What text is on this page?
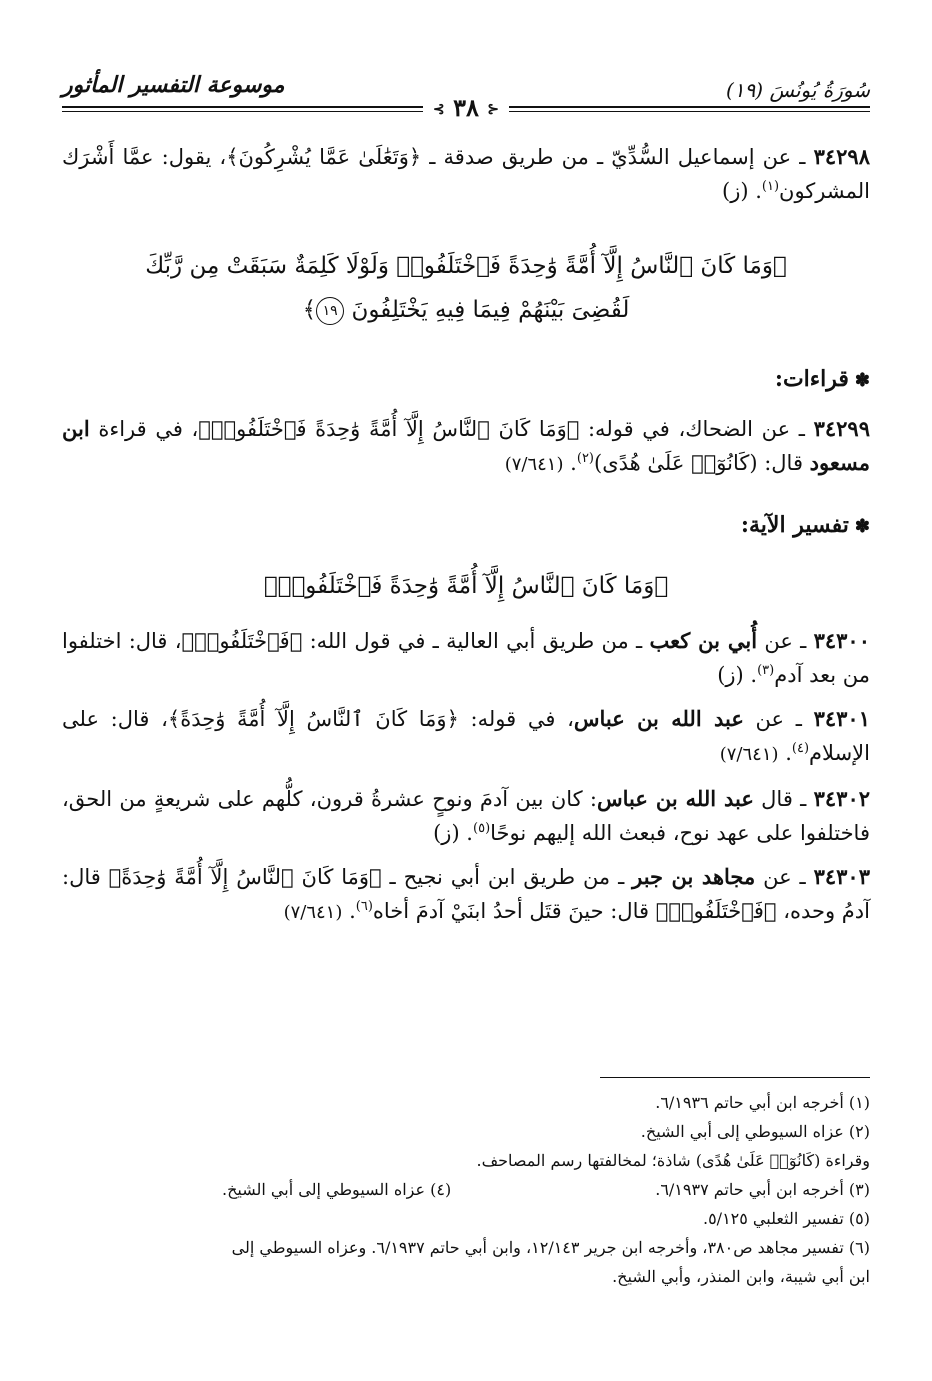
سُورَةُ يُونُسَ (١٩)
موسوعة التفسير المأثور
⊰ ٣٨ ⊱

٣٤٢٩٨ ـ عن إسماعيل السُّدِّيّ ـ من طريق صدقة ـ ﴿وَتَعَٰلَىٰ عَمَّا يُشْرِكُونَ﴾، يقول: عمَّا أَشْرَك المشركون$^{(١)}$. (ز)

﴿وَمَا كَانَ ٱلنَّاسُ إِلَّآ أُمَّةً وَٰحِدَةً فَٱخْتَلَفُوا۟ وَلَوْلَا كَلِمَةٌ سَبَقَتْ مِن رَّبِّكَ
لَقُضِىَ بَيْنَهُمْ فِيمَا فِيهِ يَخْتَلِفُونَ ١٩﴾
✽قراءات:

٣٤٢٩٩ ـ عن الضحاك، في قوله: ﴿وَمَا كَانَ ٱلنَّاسُ إِلَّآ أُمَّةً وَٰحِدَةً فَٱخْتَلَفُوا۟﴾، في قراءة ابن مسعود قال: (كَانُوٓا۟ عَلَىٰ هُدًى)$^{(٢)}$. (٧/٦٤١)

✽تفسير الآية:
﴿وَمَا كَانَ ٱلنَّاسُ إِلَّآ أُمَّةً وَٰحِدَةً فَٱخْتَلَفُوا۟﴾

٣٤٣٠٠ ـ عن أُبي بن كعب ـ من طريق أبي العالية ـ في قول الله: ﴿فَٱخْتَلَفُوا۟﴾، قال: اختلفوا من بعد آدم$^{(٣)}$. (ز)

٣٤٣٠١ ـ عن عبد الله بن عباس، في قوله: ﴿وَمَا كَانَ ٱلنَّاسُ إِلَّآ أُمَّةً وَٰحِدَةً﴾، قال: على الإسلام$^{(٤)}$. (٧/٦٤١)

٣٤٣٠٢ ـ قال عبد الله بن عباس: كان بين آدمَ ونوحٍ عشرةُ قرون، كلُّهم على شريعةٍ من الحق، فاختلفوا على عهد نوح، فبعث الله إليهم نوحًا$^{(٥)}$. (ز)

٣٤٣٠٣ ـ عن مجاهد بن جبر ـ من طريق ابن أبي نجيح ـ ﴿وَمَا كَانَ ٱلنَّاسُ إِلَّآ أُمَّةً وَٰحِدَةً﴾ قال: آدمُ وحده، ﴿فَٱخْتَلَفُوا۟﴾ قال: حينَ قتَل أحدُ ابنَيْ آدمَ أخاه$^{(٦)}$. (٧/٦٤١)

(١) أخرجه ابن أبي حاتم ٦/١٩٣٦.
(٢) عزاه السيوطي إلى أبي الشيخ.
وقراءة (كَانُوٓا۟ عَلَىٰ هُدًى) شاذة؛ لمخالفتها رسم المصاحف.
(٣) أخرجه ابن أبي حاتم ٦/١٩٣٧.
(٤) عزاه السيوطي إلى أبي الشيخ.
(٥) تفسير الثعلبي ٥/١٢٥.
(٦) تفسير مجاهد ص٣٨٠، وأخرجه ابن جرير ١٢/١٤٣، وابن أبي حاتم ٦/١٩٣٧. وعزاه السيوطي إلى
ابن أبي شيبة، وابن المنذر، وأبي الشيخ.
